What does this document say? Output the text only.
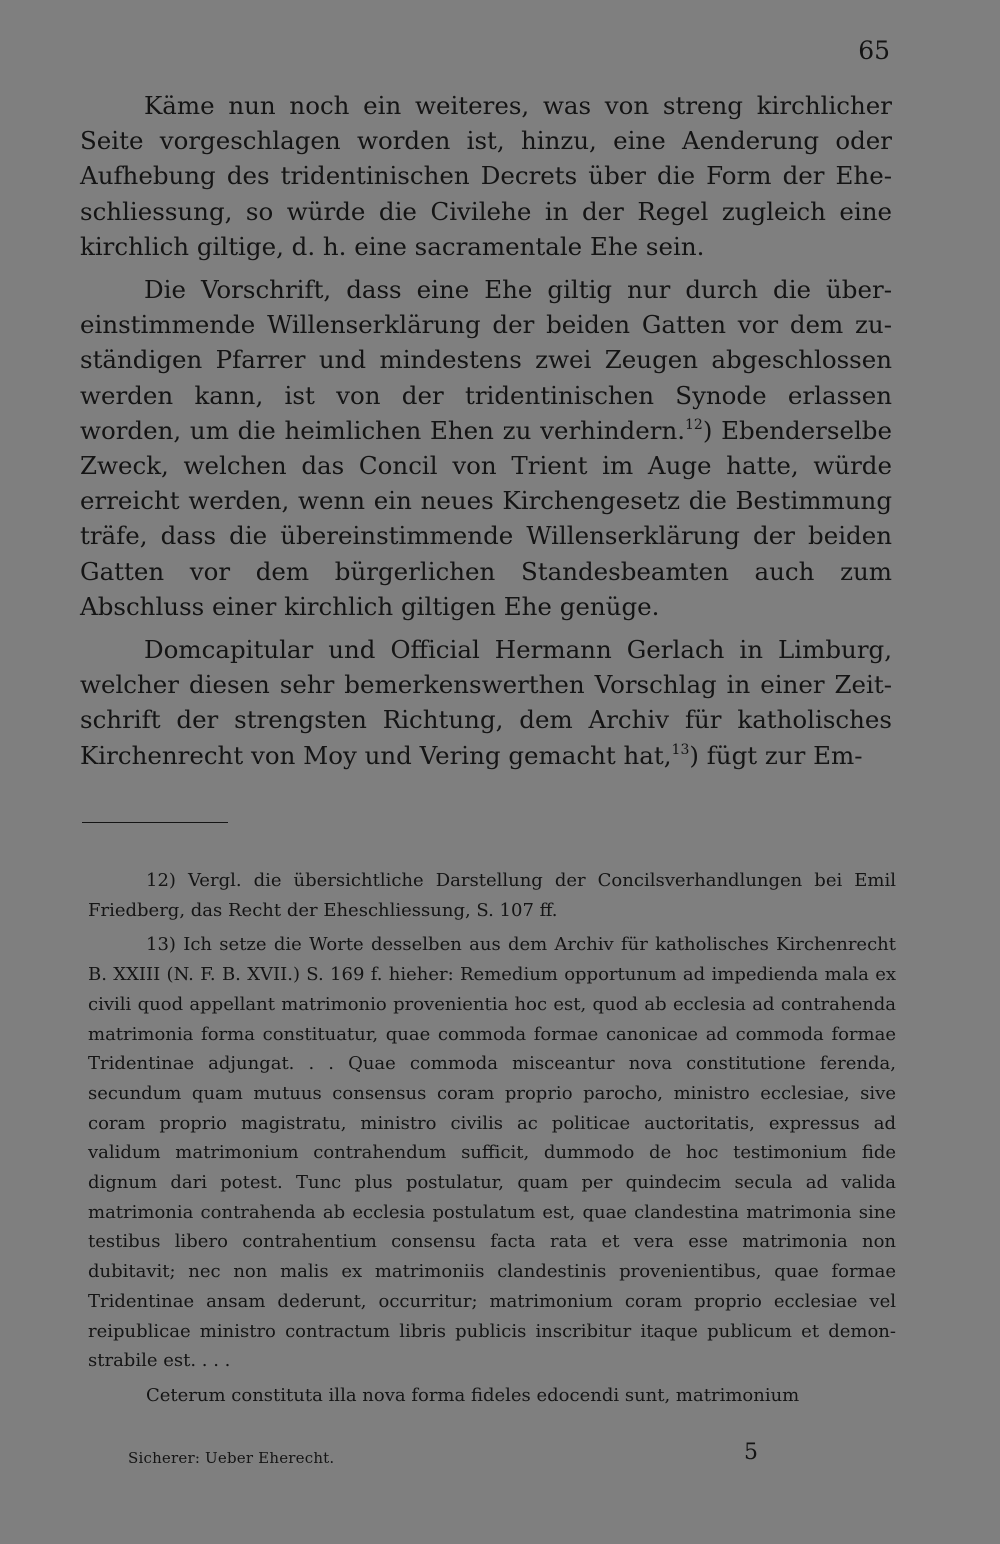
65

Käme nun noch ein weiteres, was von streng kirchlicher Seite vorgeschlagen worden ist, hinzu, eine Aenderung oder Aufhebung des tridentinischen Decrets über die Form der Eheschliessung, so würde die Civilehe in der Regel zugleich eine kirchlich giltige, d. h. eine sacramentale Ehe sein.

Die Vorschrift, dass eine Ehe giltig nur durch die übereinstimmende Willenserklärung der beiden Gatten vor dem zuständigen Pfarrer und mindestens zwei Zeugen abgeschlossen werden kann, ist von der tridentinischen Synode erlassen worden, um die heimlichen Ehen zu verhindern.$^{12}$) Ebenderselbe Zweck, welchen das Concil von Trient im Auge hatte, würde erreicht werden, wenn ein neues Kirchengesetz die Bestimmung träfe, dass die übereinstimmende Willenserklärung der beiden Gatten vor dem bürgerlichen Standesbeamten auch zum Abschluss einer kirchlich giltigen Ehe genüge.

Domcapitular und Official Hermann Gerlach in Limburg, welcher diesen sehr bemerkenswerthen Vorschlag in einer Zeitschrift der strengsten Richtung, dem Archiv für katholisches Kirchenrecht von Moy und Vering gemacht hat,$^{13}$) fügt zur Em-

12) Vergl. die übersichtliche Darstellung der Concilsverhandlungen bei Emil Friedberg, das Recht der Eheschliessung, S. 107 ff.

13) Ich setze die Worte desselben aus dem Archiv für katholisches Kirchenrecht B. XXIII (N. F. B. XVII.) S. 169 f. hieher: Remedium opportunum ad impedienda mala ex civili quod appellant matrimonio provenientia hoc est, quod ab ecclesia ad contrahenda matrimonia forma constituatur, quae commoda formae canonicae ad commoda formae Tridentinae adjungat. . . Quae commoda misceantur nova constitutione ferenda, secundum quam mutuus consensus coram proprio parocho, ministro ecclesiae, sive coram proprio magistratu, ministro civilis ac politicae auctoritatis, expressus ad validum matrimonium contrahendum sufficit, dummodo de hoc testimonium fide dignum dari potest. Tunc plus postulatur, quam per quindecim secula ad valida matrimonia contrahenda ab ecclesia postulatum est, quae clandestina matrimonia sine testibus libero contrahentium consensu facta rata et vera esse matrimonia non dubitavit; nec non malis ex matrimoniis clandestinis provenientibus, quae formae Tridentinae ansam dederunt, occurritur; matrimonium coram proprio ecclesiae vel reipublicae ministro contractum libris publicis inscribitur itaque publicum et demonstrabile est. . . .

Ceterum constituta illa nova forma fideles edocendi sunt, matrimonium

Sicherer: Ueber Eherecht.	5
